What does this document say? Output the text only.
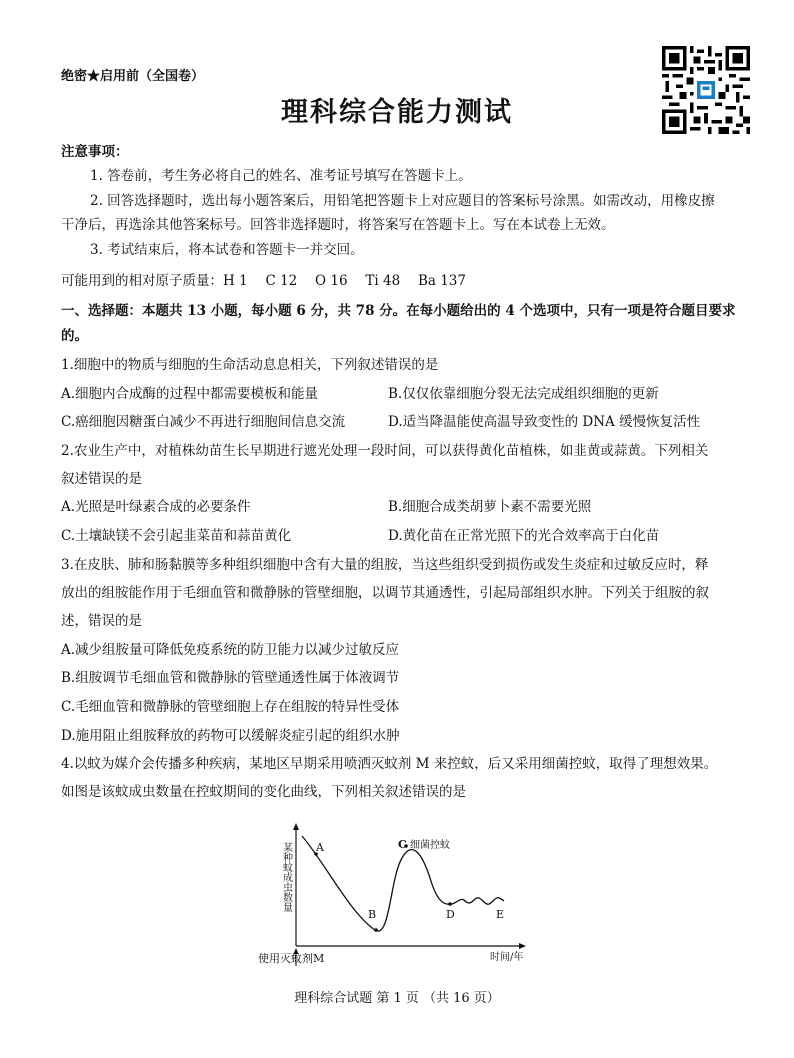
绝密★启用前（全国卷）
理科综合能力测试
注意事项：
1. 答卷前，考生务必将自己的姓名、准考证号填写在答题卡上。
2. 回答选择题时，选出每小题答案后，用铅笔把答题卡上对应题目的答案标号涂黑。如需改动，用橡皮擦
干净后，再选涂其他答案标号。回答非选择题时，将答案写在答题卡上。写在本试卷上无效。
3. 考试结束后，将本试卷和答题卡一并交回。
可能用到的相对原子质量：H 1　 C 12　 O 16　 Ti 48　 Ba 137
一、选择题：本题共 13 小题，每小题 6 分，共 78 分。在每小题给出的 4 个选项中，只有一项是符合题目要求
的。
1.细胞中的物质与细胞的生命活动息息相关，下列叙述错误的是
A.细胞内合成酶的过程中都需要模板和能量	B.仅仅依靠细胞分裂无法完成组织细胞的更新
C.癌细胞因糖蛋白减少不再进行细胞间信息交流	D.适当降温能使高温导致变性的 DNA 缓慢恢复活性
2.农业生产中，对植株幼苗生长早期进行遮光处理一段时间，可以获得黄化苗植株，如韭黄或蒜黄。下列相关
叙述错误的是
A.光照是叶绿素合成的必要条件	B.细胞合成类胡萝卜素不需要光照
C.土壤缺镁不会引起韭菜苗和蒜苗黄化	D.黄化苗在正常光照下的光合效率高于白化苗
3.在皮肤、肺和肠黏膜等多种组织细胞中含有大量的组胺，当这些组织受到损伤或发生炎症和过敏反应时，释
放出的组胺能作用于毛细血管和微静脉的管壁细胞，以调节其通透性，引起局部组织水肿。下列关于组胺的叙
述，错误的是
A.减少组胺量可降低免疫系统的防卫能力以减少过敏反应
B.组胺调节毛细血管和微静脉的管壁通透性属于体液调节
C.毛细血管和微静脉的管壁细胞上存在组胺的特异性受体
D.施用阻止组胺释放的药物可以缓解炎症引起的组织水肿
4.以蚊为媒介会传播多种疾病，某地区早期采用喷洒灭蚊剂 M 来控蚊，后又采用细菌控蚊，取得了理想效果。
如图是该蚊成虫数量在控蚊期间的变化曲线，下列相关叙述错误的是
A
B
C 细菌控蚊
D	E
时间/年
某种蚊成虫数量
使用灭蚊剂M
理科综合试题 第 1 页 （共 16 页）
